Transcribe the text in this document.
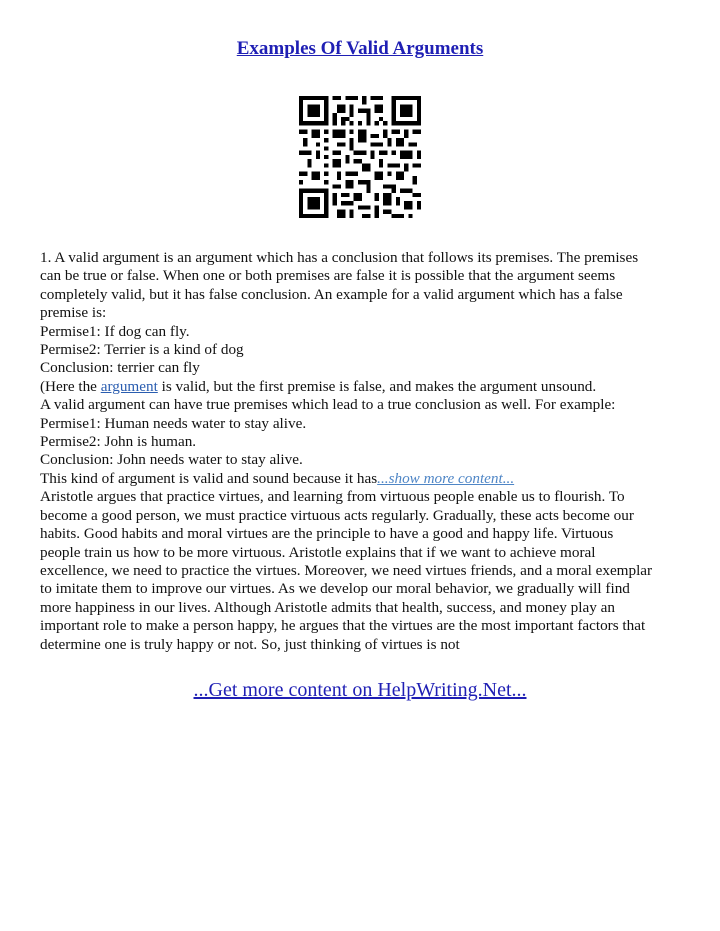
Examples Of Valid Arguments
1. A valid argument is an argument which has a conclusion that follows its premises. The premises
can be true or false. When one or both premises are false it is possible that the argument seems
completely valid, but it has false conclusion. An example for a valid argument which has a false
premise is:
Permise1: If dog can fly.
Permise2: Terrier is a kind of dog
Conclusion: terrier can fly
(Here the argument is valid, but the first premise is false, and makes the argument unsound.
A valid argument can have true premises which lead to a true conclusion as well. For example:
Permise1: Human needs water to stay alive.
Permise2: John is human.
Conclusion: John needs water to stay alive.
This kind of argument is valid and sound because it has...show more content...
Aristotle argues that practice virtues, and learning from virtuous people enable us to flourish. To
become a good person, we must practice virtuous acts regularly. Gradually, these acts become our
habits. Good habits and moral virtues are the principle to have a good and happy life. Virtuous
people train us how to be more virtuous. Aristotle explains that if we want to achieve moral
excellence, we need to practice the virtues. Moreover, we need virtues friends, and a moral exemplar
to imitate them to improve our virtues. As we develop our moral behavior, we gradually will find
more happiness in our lives. Although Aristotle admits that health, success, and money play an
important role to make a person happy, he argues that the virtues are the most important factors that
determine one is truly happy or not. So, just thinking of virtues is not
...Get more content on HelpWriting.Net...
